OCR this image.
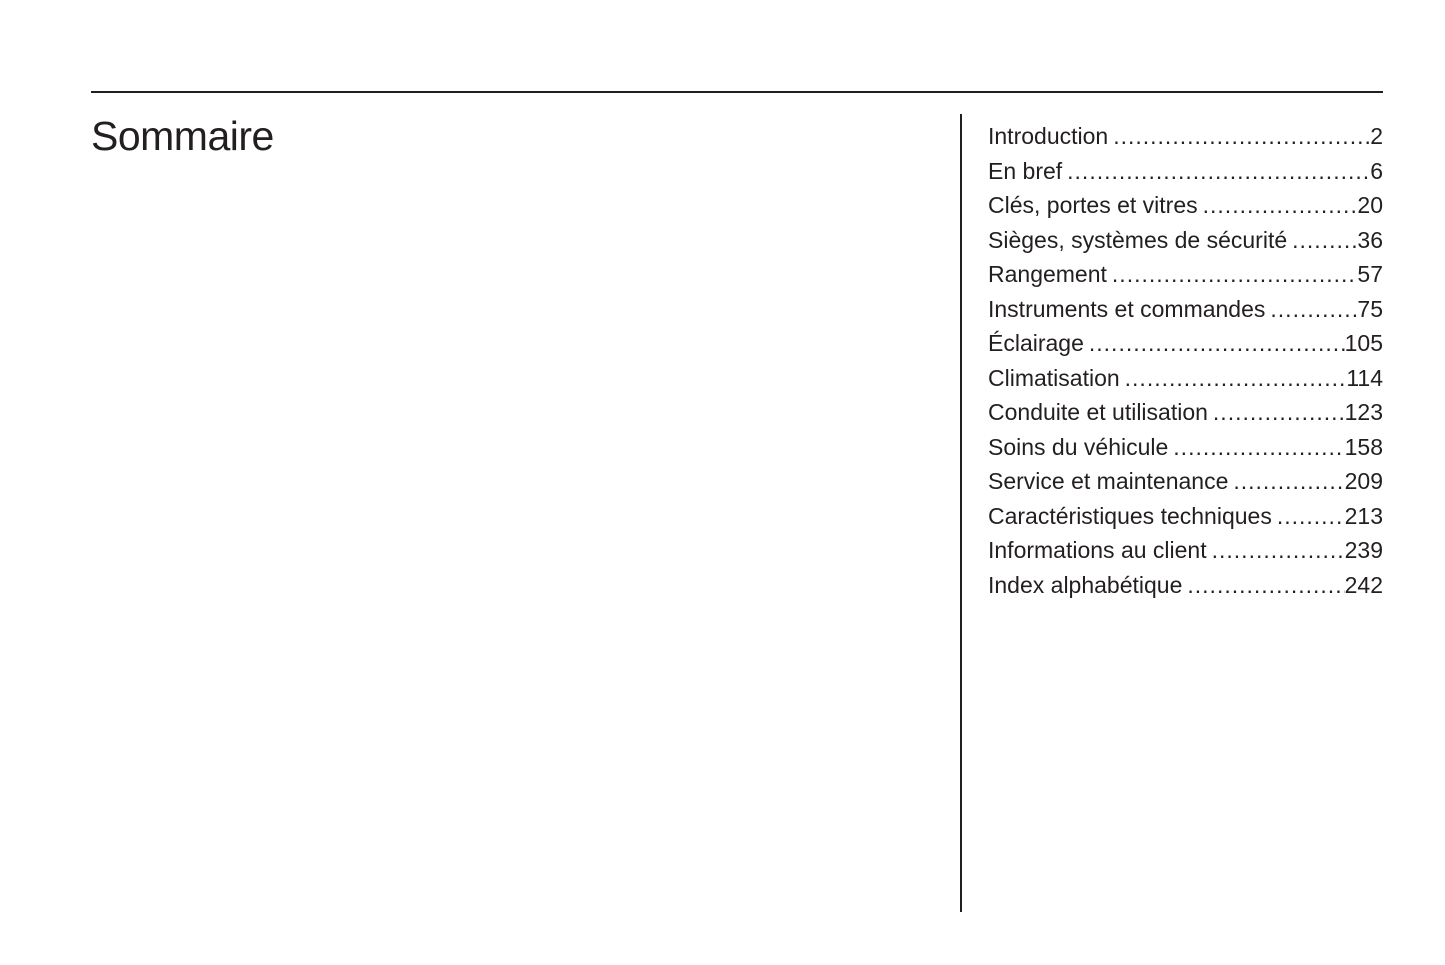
Sommaire	Introduction .....	2
En bref .....	6
Clés, portes et vitres .....	20
Sièges, systèmes de sécurité .....	36
Rangement .....	57
Instruments et commandes .....	75
Éclairage .....	105
Climatisation .....	114
Conduite et utilisation .....	123
Soins du véhicule .....	158
Service et maintenance .....	209
Caractéristiques techniques .....	213
Informations au client .....	239
Index alphabétique .....	242
